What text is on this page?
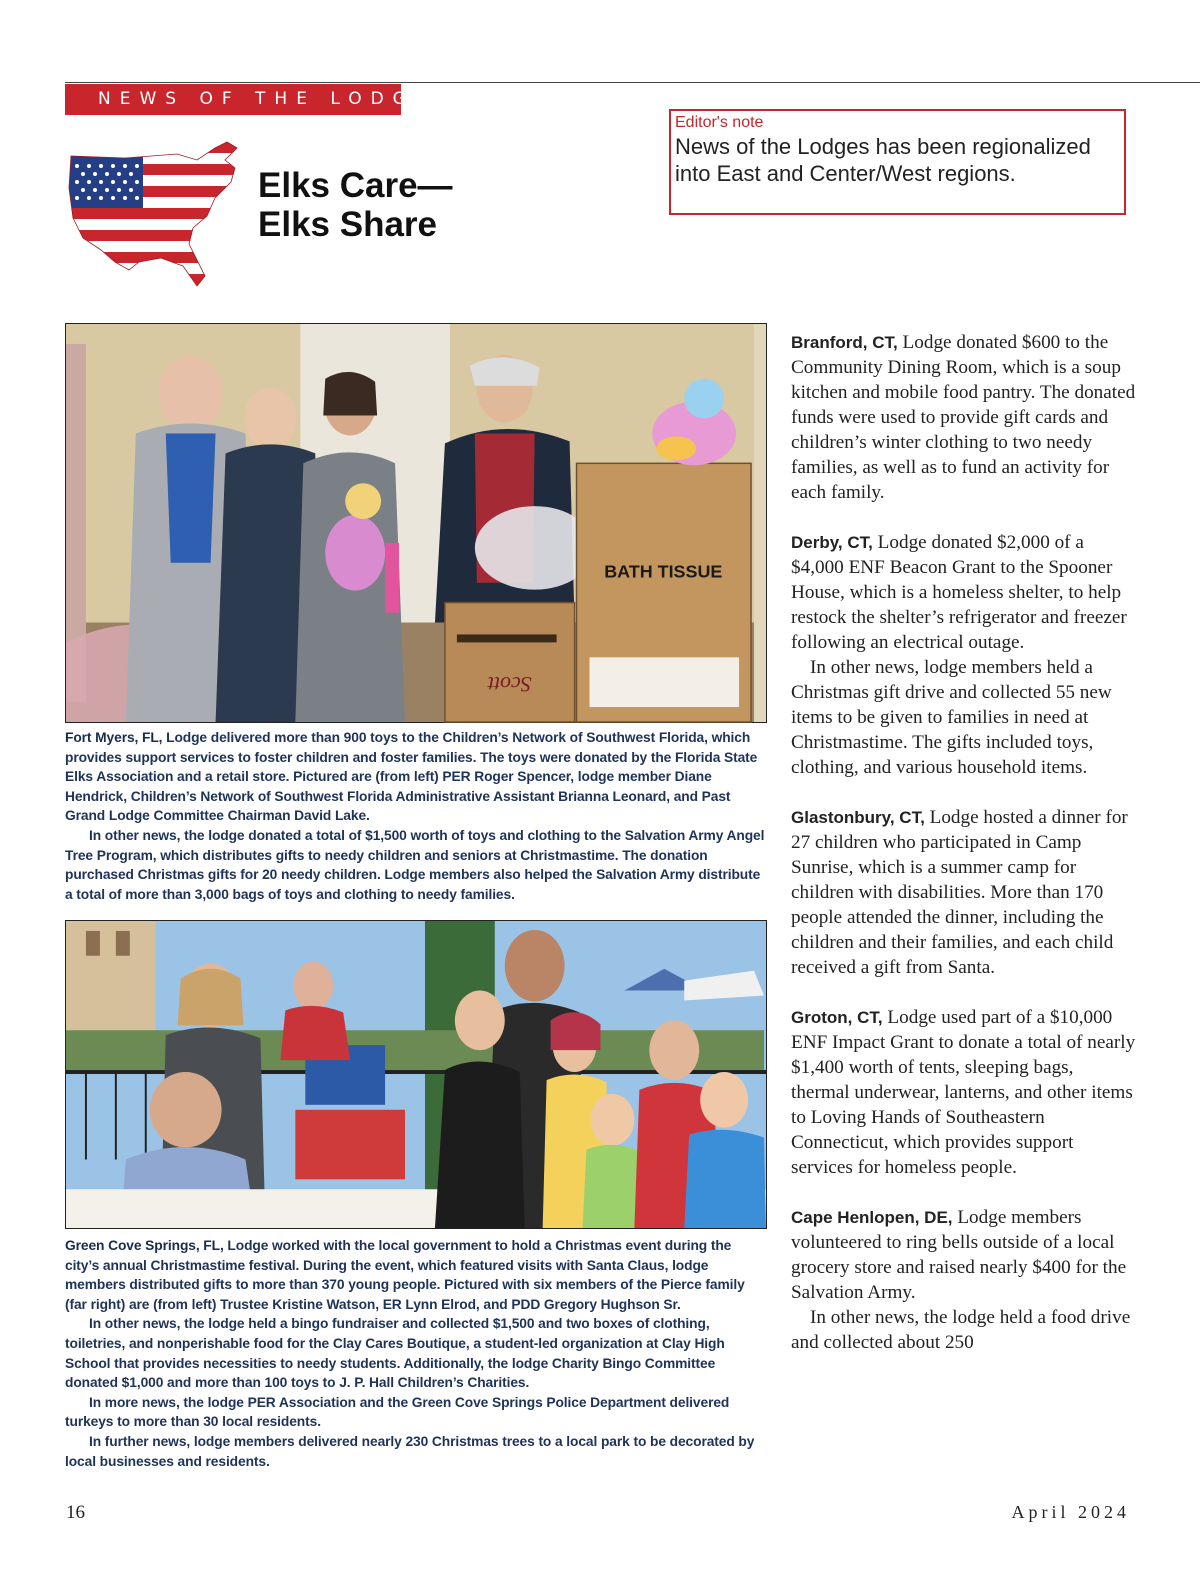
NEWS OF THE LODGES
Editor's note
News of the Lodges has been regionalized into East and Center/West regions.
Elks Care—
Elks Share
BATH TISSUE
Scott

Fort Myers, FL, Lodge delivered more than 900 toys to the Children’s Network of Southwest Florida, which provides support services to foster children and foster families. The toys were donated by the Florida State Elks Association and a retail store. Pictured are (from left) PER Roger Spencer, lodge member Diane Hendrick, Children’s Network of Southwest Florida Administrative Assistant Brianna Leonard, and Past Grand Lodge Committee Chairman David Lake.

In other news, the lodge donated a total of $1,500 worth of toys and clothing to the Salvation Army Angel Tree Program, which distributes gifts to needy children and seniors at Christmastime. The donation purchased Christmas gifts for 20 needy children. Lodge members also helped the Salvation Army distribute a total of more than 3,000 bags of toys and clothing to needy families.

Green Cove Springs, FL, Lodge worked with the local government to hold a Christmas event during the city’s annual Christmastime festival. During the event, which featured visits with Santa Claus, lodge members distributed gifts to more than 370 young people. Pictured with six members of the Pierce family (far right) are (from left) Trustee Kristine Watson, ER Lynn Elrod, and PDD Gregory Hughson Sr.

In other news, the lodge held a bingo fundraiser and collected $1,500 and two boxes of clothing, toiletries, and nonperishable food for the Clay Cares Boutique, a student-led organization at Clay High School that provides necessities to needy students. Additionally, the lodge Charity Bingo Committee donated $1,000 and more than 100 toys to J. P. Hall Children’s Charities.

In more news, the lodge PER Association and the Green Cove Springs Police Department delivered turkeys to more than 30 local residents.

In further news, lodge members delivered nearly 230 Christmas trees to a local park to be decorated by local businesses and residents.

Branford, CT, Lodge donated $600 to the Community Dining Room, which is a soup kitchen and mobile food pantry. The donated funds were used to provide gift cards and children’s winter clothing to two needy families, as well as to fund an activity for each family.

Derby, CT, Lodge donated $2,000 of a $4,000 ENF Beacon Grant to the Spooner House, which is a homeless shelter, to help restock the shelter’s refrigerator and freezer following an electrical outage.

In other news, lodge members held a Christmas gift drive and collected 55 new items to be given to families in need at Christmastime. The gifts included toys, clothing, and various household items.

Glastonbury, CT, Lodge hosted a dinner for 27 children who participated in Camp Sunrise, which is a summer camp for children with disabilities. More than 170 people attended the dinner, including the children and their families, and each child received a gift from Santa.

Groton, CT, Lodge used part of a $10,000 ENF Impact Grant to donate a total of nearly $1,400 worth of tents, sleeping bags, thermal underwear, lanterns, and other items to Loving Hands of Southeastern Connecticut, which provides support services for homeless people.

Cape Henlopen, DE, Lodge members volunteered to ring bells outside of a local grocery store and raised nearly $400 for the Salvation Army.

In other news, the lodge held a food drive and collected about 250

16	April 2024
